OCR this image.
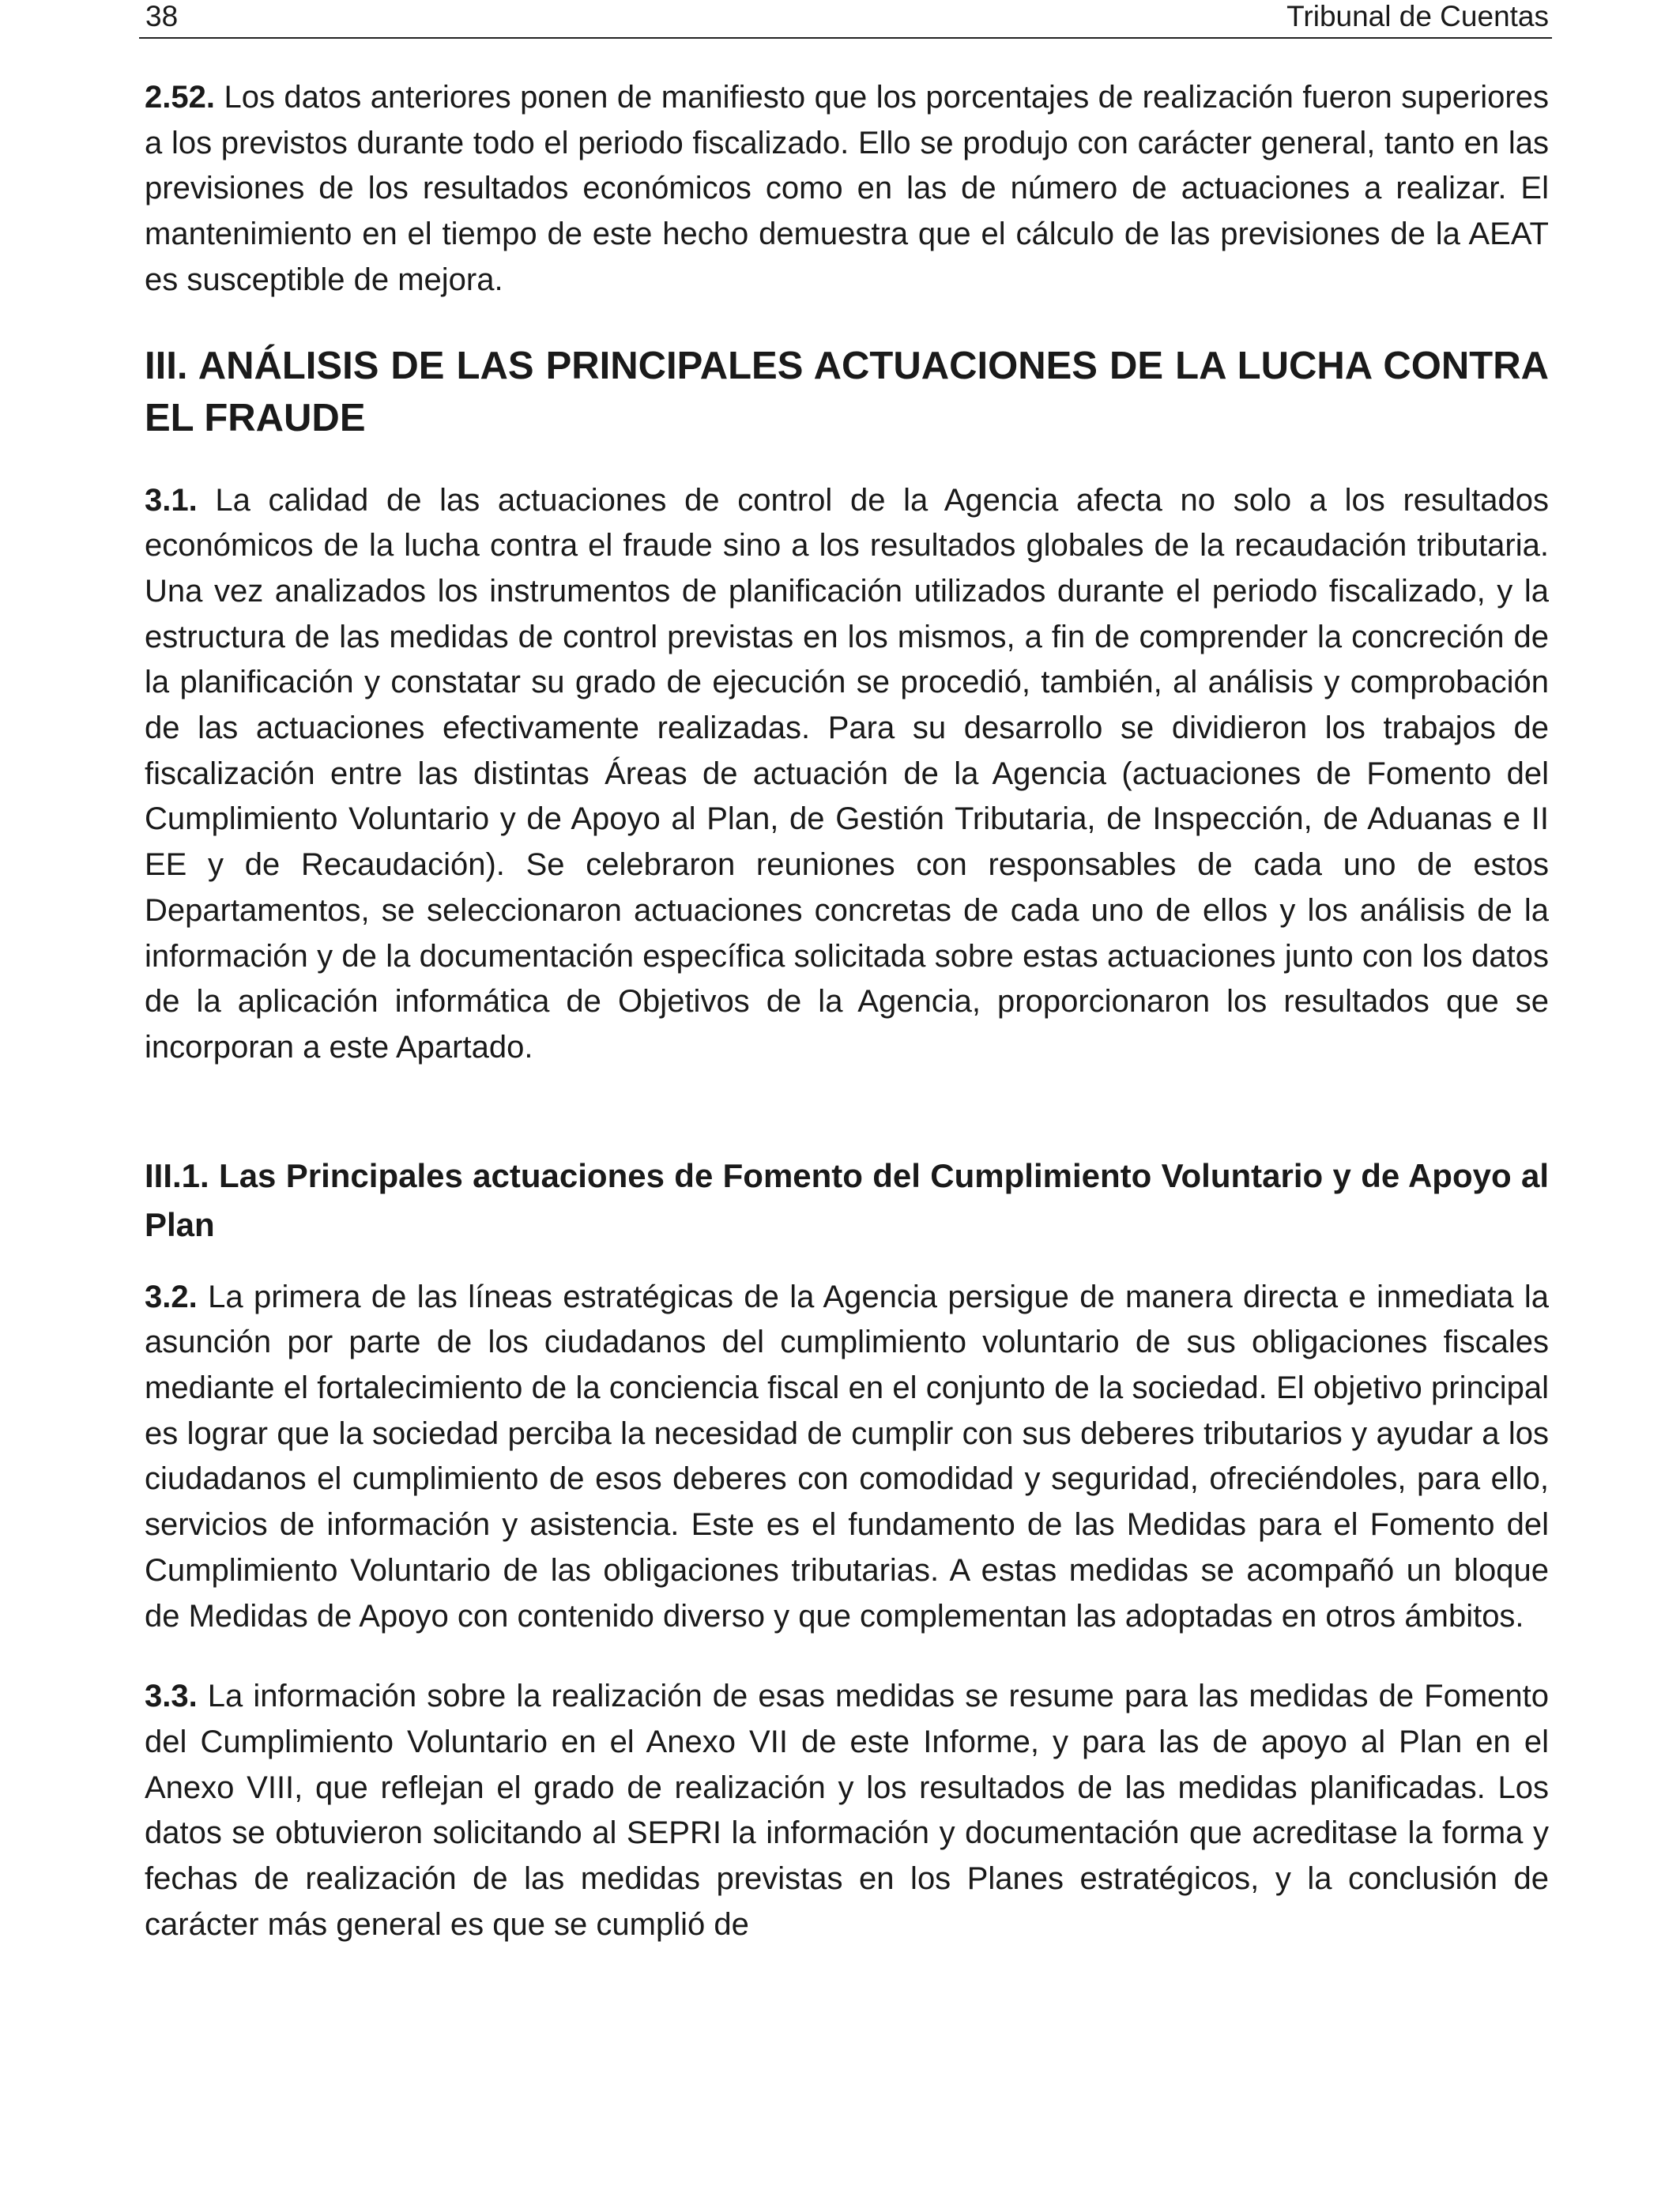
38	Tribunal de Cuentas

2.52. Los datos anteriores ponen de manifiesto que los porcentajes de realización fueron superiores a los previstos durante todo el periodo fiscalizado. Ello se produjo con carácter general, tanto en las previsiones de los resultados económicos como en las de número de actuaciones a realizar. El mantenimiento en el tiempo de este hecho demuestra que el cálculo de las previsiones de la AEAT es susceptible de mejora.

III. ANÁLISIS DE LAS PRINCIPALES ACTUACIONES DE LA LUCHA CONTRA EL FRAUDE

3.1. La calidad de las actuaciones de control de la Agencia afecta no solo a los resultados económicos de la lucha contra el fraude sino a los resultados globales de la recaudación tributaria. Una vez analizados los instrumentos de planificación utilizados durante el periodo fiscalizado, y la estructura de las medidas de control previstas en los mismos, a fin de comprender la concreción de la planificación y constatar su grado de ejecución se procedió, también, al análisis y comprobación de las actuaciones efectivamente realizadas. Para su desarrollo se dividieron los trabajos de fiscalización entre las distintas Áreas de actuación de la Agencia (actuaciones de Fomento del Cumplimiento Voluntario y de Apoyo al Plan, de Gestión Tributaria, de Inspección, de Aduanas e II EE y de Recaudación). Se celebraron reuniones con responsables de cada uno de estos Departamentos, se seleccionaron actuaciones concretas de cada uno de ellos y los análisis de la información y de la documentación específica solicitada sobre estas actuaciones junto con los datos de la aplicación informática de Objetivos de la Agencia, proporcionaron los resultados que se incorporan a este Apartado.

III.1. Las Principales actuaciones de Fomento del Cumplimiento Voluntario y de Apoyo al Plan

3.2. La primera de las líneas estratégicas de la Agencia persigue de manera directa e inmediata la asunción por parte de los ciudadanos del cumplimiento voluntario de sus obligaciones fiscales mediante el fortalecimiento de la conciencia fiscal en el conjunto de la sociedad. El objetivo principal es lograr que la sociedad perciba la necesidad de cumplir con sus deberes tributarios y ayudar a los ciudadanos el cumplimiento de esos deberes con comodidad y seguridad, ofreciéndoles, para ello, servicios de información y asistencia. Este es el fundamento de las Medidas para el Fomento del Cumplimiento Voluntario de las obligaciones tributarias. A estas medidas se acompañó un bloque de Medidas de Apoyo con contenido diverso y que complementan las adoptadas en otros ámbitos.

3.3. La información sobre la realización de esas medidas se resume para las medidas de Fomento del Cumplimiento Voluntario en el Anexo VII de este Informe, y para las de apoyo al Plan en el Anexo VIII, que reflejan el grado de realización y los resultados de las medidas planificadas. Los datos se obtuvieron solicitando al SEPRI la información y documentación que acreditase la forma y fechas de realización de las medidas previstas en los Planes estratégicos, y la conclusión de carácter más general es que se cumplió de
